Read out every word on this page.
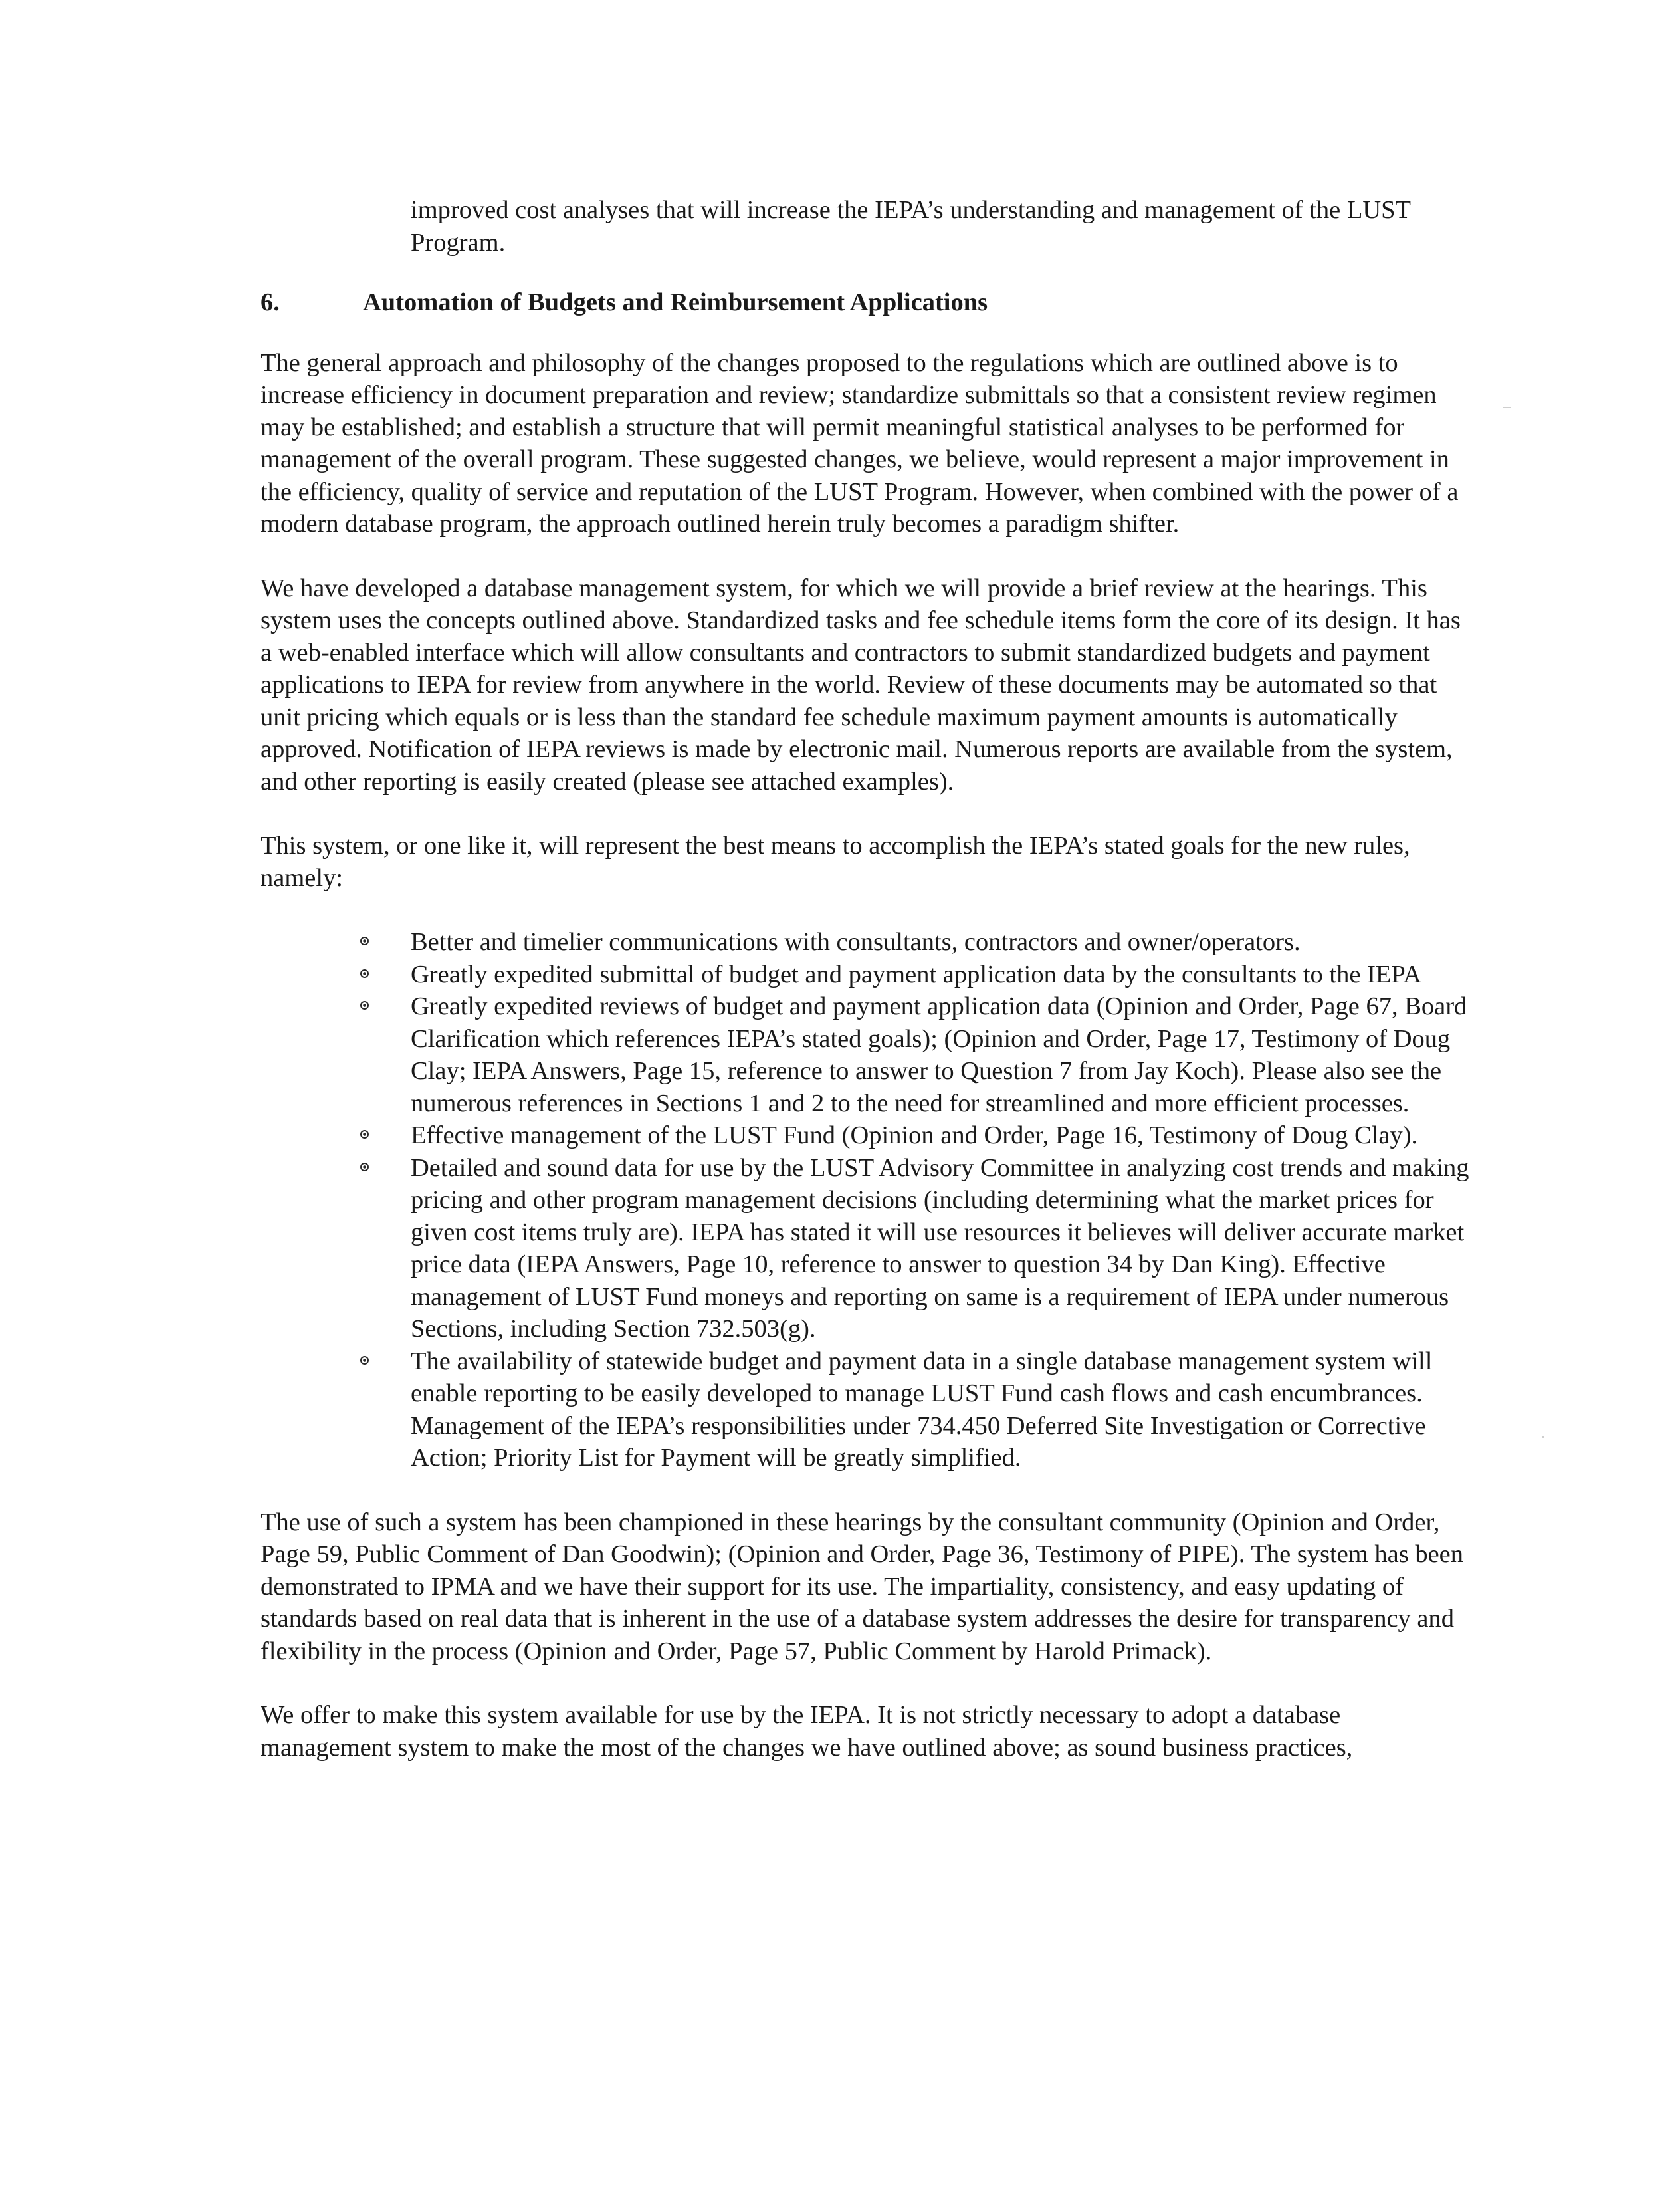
improved cost analyses that will increase the IEPA’s understanding and management of the LUST Program.

6.	Automation of Budgets and Reimbursement Applications

The general approach and philosophy of the changes proposed to the regulations which are outlined above is to increase efficiency in document preparation and review; standardize submittals so that a consistent review regimen may be established; and establish a structure that will permit meaningful statistical analyses to be performed for management of the overall program. These suggested changes, we believe, would represent a major improvement in the efficiency, quality of service and reputation of the LUST Program. However, when combined with the power of a modern database program, the approach outlined herein truly becomes a paradigm shifter.

We have developed a database management system, for which we will provide a brief review at the hearings. This system uses the concepts outlined above. Standardized tasks and fee schedule items form the core of its design. It has a web-enabled interface which will allow consultants and contractors to submit standardized budgets and payment applications to IEPA for review from anywhere in the world. Review of these documents may be automated so that unit pricing which equals or is less than the standard fee schedule maximum payment amounts is automatically approved. Notification of IEPA reviews is made by electronic mail. Numerous reports are available from the system, and other reporting is easily created (please see attached examples).

This system, or one like it, will represent the best means to accomplish the IEPA’s stated goals for the new rules, namely:

Better and timelier communications with consultants, contractors and owner/operators.
Greatly expedited submittal of budget and payment application data by the consultants to the IEPA
Greatly expedited reviews of budget and payment application data (Opinion and Order, Page 67, Board Clarification which references IEPA’s stated goals); (Opinion and Order, Page 17, Testimony of Doug Clay; IEPA Answers, Page 15, reference to answer to Question 7 from Jay Koch). Please also see the numerous references in Sections 1 and 2 to the need for streamlined and more efficient processes.
Effective management of the LUST Fund (Opinion and Order, Page 16, Testimony of Doug Clay).
Detailed and sound data for use by the LUST Advisory Committee in analyzing cost trends and making pricing and other program management decisions (including determining what the market prices for given cost items truly are). IEPA has stated it will use resources it believes will deliver accurate market price data (IEPA Answers, Page 10, reference to answer to question 34 by Dan King). Effective management of LUST Fund moneys and reporting on same is a requirement of IEPA under numerous Sections, including Section 732.503(g).
The availability of statewide budget and payment data in a single database management system will enable reporting to be easily developed to manage LUST Fund cash flows and cash encumbrances. Management of the IEPA’s responsibilities under 734.450 Deferred Site Investigation or Corrective Action; Priority List for Payment will be greatly simplified.

The use of such a system has been championed in these hearings by the consultant community (Opinion and Order, Page 59, Public Comment of Dan Goodwin); (Opinion and Order, Page 36, Testimony of PIPE). The system has been demonstrated to IPMA and we have their support for its use. The impartiality, consistency, and easy updating of standards based on real data that is inherent in the use of a database system addresses the desire for transparency and flexibility in the process (Opinion and Order, Page 57, Public Comment by Harold Primack).

We offer to make this system available for use by the IEPA. It is not strictly necessary to adopt a database management system to make the most of the changes we have outlined above; as sound business practices,
